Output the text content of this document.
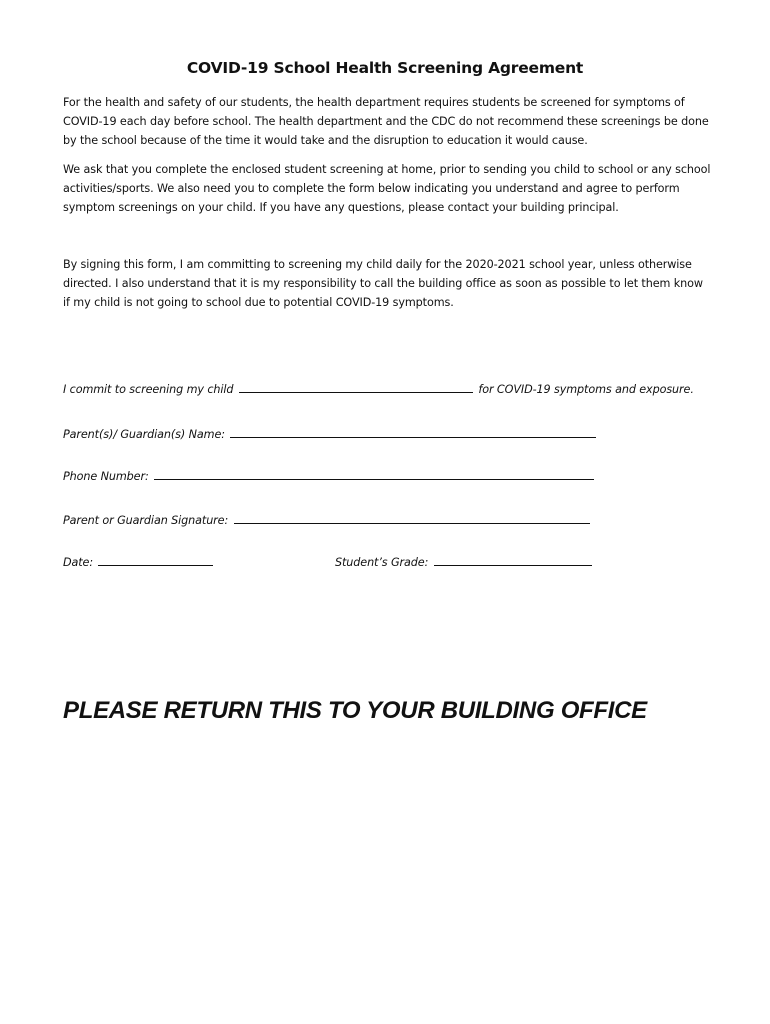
COVID-19 School Health Screening Agreement

For the health and safety of our students, the health department requires students be screened for symptoms of COVID-19 each day before school. The health department and the CDC do not recommend these screenings be done by the school because of the time it would take and the disruption to education it would cause.

We ask that you complete the enclosed student screening at home, prior to sending you child to school or any school activities/sports. We also need you to complete the form below indicating you understand and agree to perform symptom screenings on your child. If you have any questions, please contact your building principal.

By signing this form, I am committing to screening my child daily for the 2020-2021 school year, unless otherwise directed. I also understand that it is my responsibility to call the building office as soon as possible to let them know if my child is not going to school due to potential COVID-19 symptoms.

I commit to screening my child	for COVID-19 symptoms and exposure.
Parent(s)/ Guardian(s) Name:
Phone Number:
Parent or Guardian Signature:
Date:	Student’s Grade:
PLEASE RETURN THIS TO YOUR BUILDING OFFICE
